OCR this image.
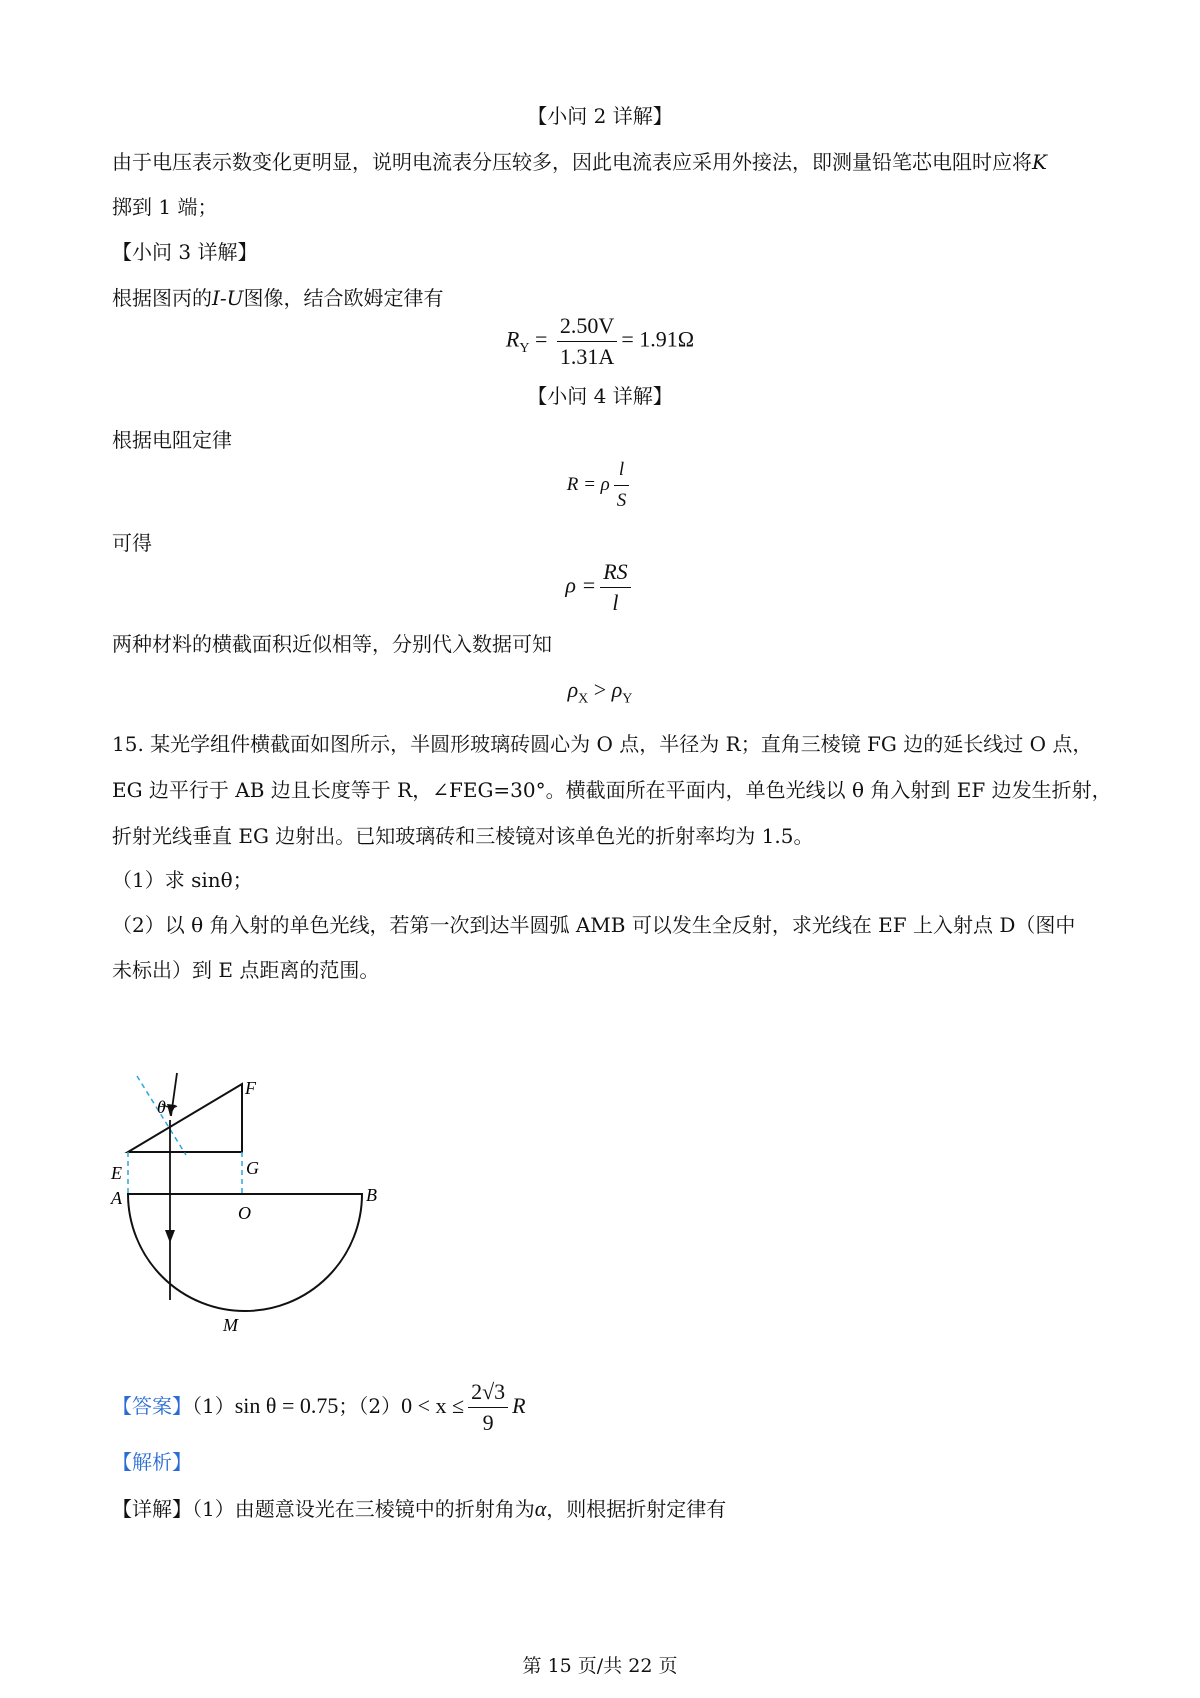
【小问 2 详解】
由于电压表示数变化更明显，说明电流表分压较多，因此电流表应采用外接法，即测量铅笔芯电阻时应将K
掷到 1 端；
【小问 3 详解】
根据图丙的I-U图像，结合欧姆定律有
$R_Y = \frac{2.50V}{1.31A} = 1.91\Omega$
【小问 4 详解】
根据电阻定律
R = ρ $\frac{l}{S}$
可得
$\rho = \frac{RS}{l}$
两种材料的横截面积近似相等，分别代入数据可知
$\rho_X > \rho_Y$
15. 某光学组件横截面如图所示，半圆形玻璃砖圆心为 O 点，半径为 R；直角三棱镜 FG 边的延长线过 O 点，
EG 边平行于 AB 边且长度等于 R，∠FEG=30°。横截面所在平面内，单色光线以 θ 角入射到 EF 边发生折射，
折射光线垂直 EG 边射出。已知玻璃砖和三棱镜对该单色光的折射率均为 1.5。
（1）求 sinθ；
（2）以 θ 角入射的单色光线，若第一次到达半圆弧 AMB 可以发生全反射，求光线在 EF 上入射点 D（图中
未标出）到 E 点距离的范围。
F
θ
E	G
A
O
B
M
【答案】（1）sin θ = 0.75；$(2)0 < x \le \frac{2√3}{9}$ R
【解析】
【详解】（1）由题意设光在三棱镜中的折射角为α，则根据折射定律有
第 15 页/共 22 页
